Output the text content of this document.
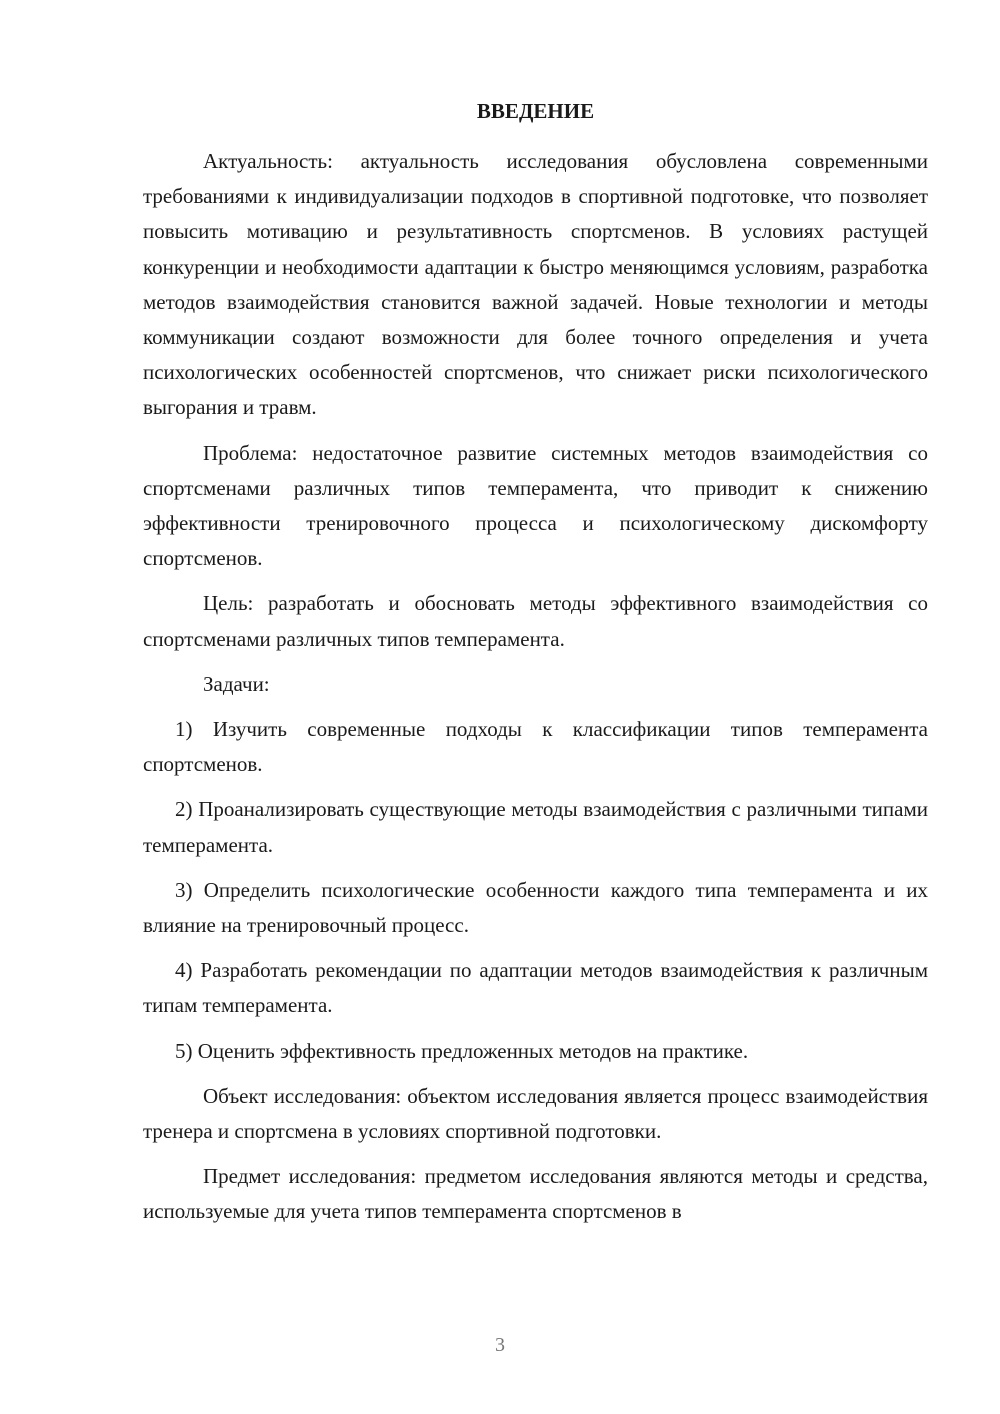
ВВЕДЕНИЕ

Актуальность: актуальность исследования обусловлена современными требованиями к индивидуализации подходов в спортивной подготовке, что позволяет повысить мотивацию и результативность спортсменов. В условиях растущей конкуренции и необходимости адаптации к быстро меняющимся условиям, разработка методов взаимодействия становится важной задачей. Новые технологии и методы коммуникации создают возможности для более точного определения и учета психологических особенностей спортсменов, что снижает риски психологического выгорания и травм.

Проблема: недостаточное развитие системных методов взаимодействия со спортсменами различных типов темперамента, что приводит к снижению эффективности тренировочного процесса и психологическому дискомфорту спортсменов.

Цель: разработать и обосновать методы эффективного взаимодействия со спортсменами различных типов темперамента.

Задачи:

1) Изучить современные подходы к классификации типов темперамента спортсменов.

2) Проанализировать существующие методы взаимодействия с различными типами темперамента.

3) Определить психологические особенности каждого типа темперамента и их влияние на тренировочный процесс.

4) Разработать рекомендации по адаптации методов взаимодействия к различным типам темперамента.

5) Оценить эффективность предложенных методов на практике.

Объект исследования: объектом исследования является процесс взаимодействия тренера и спортсмена в условиях спортивной подготовки.

Предмет исследования: предметом исследования являются методы и средства, используемые для учета типов темперамента спортсменов в

3
